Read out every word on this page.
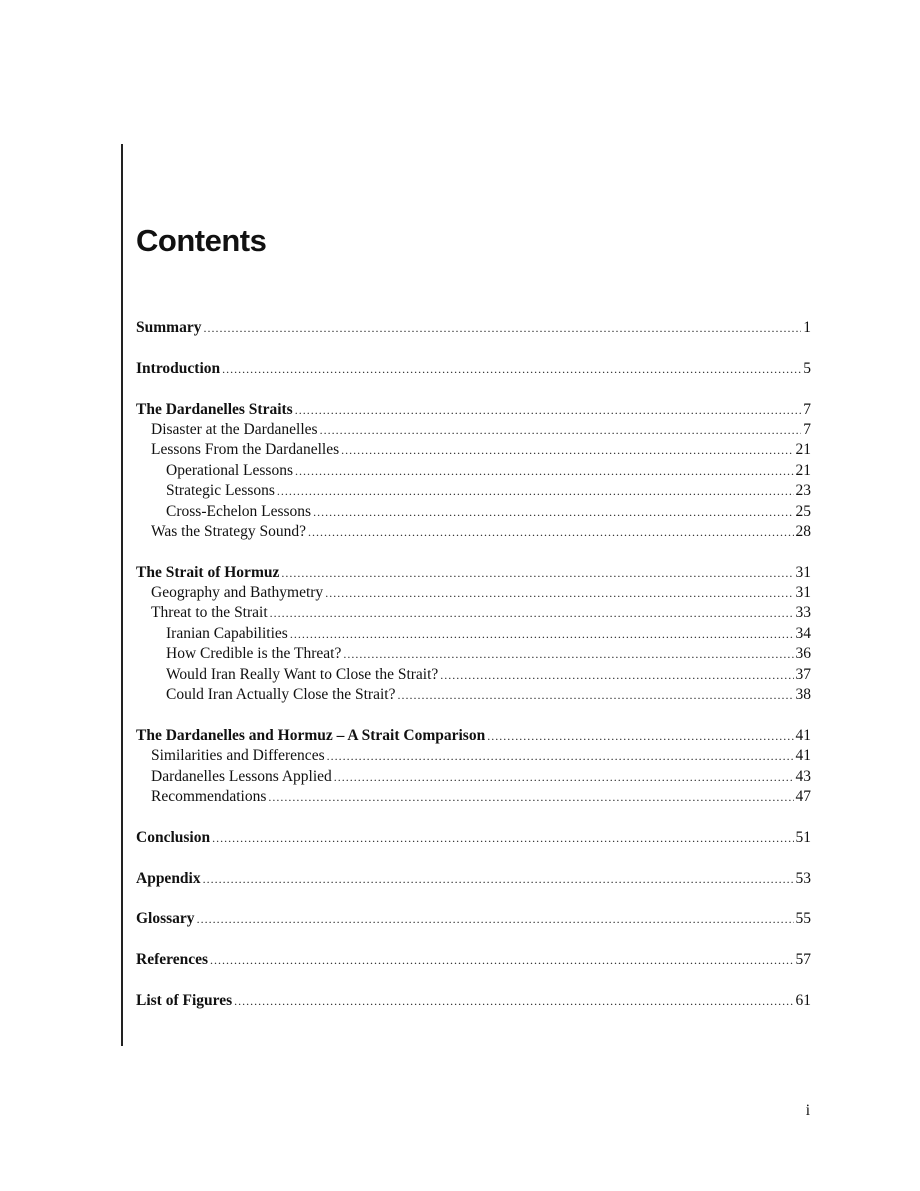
Contents
Summary .....	1
Introduction .....	5
The Dardanelles Straits .....	7
Disaster at the Dardanelles .....	7
Lessons From the Dardanelles .....	21
Operational Lessons .....	21
Strategic Lessons .....	23
Cross-Echelon Lessons .....	25
Was the Strategy Sound? .....	28
The Strait of Hormuz .....	31
Geography and Bathymetry .....	31
Threat to the Strait .....	33
Iranian Capabilities .....	34
How Credible is the Threat? .....	36
Would Iran Really Want to Close the Strait? .....	37
Could Iran Actually Close the Strait? .....	38
The Dardanelles and Hormuz – A Strait Comparison .....	41
Similarities and Differences .....	41
Dardanelles Lessons Applied .....	43
Recommendations .....	47
Conclusion .....	51
Appendix .....	53
Glossary .....	55
References .....	57
List of Figures .....	61
i
